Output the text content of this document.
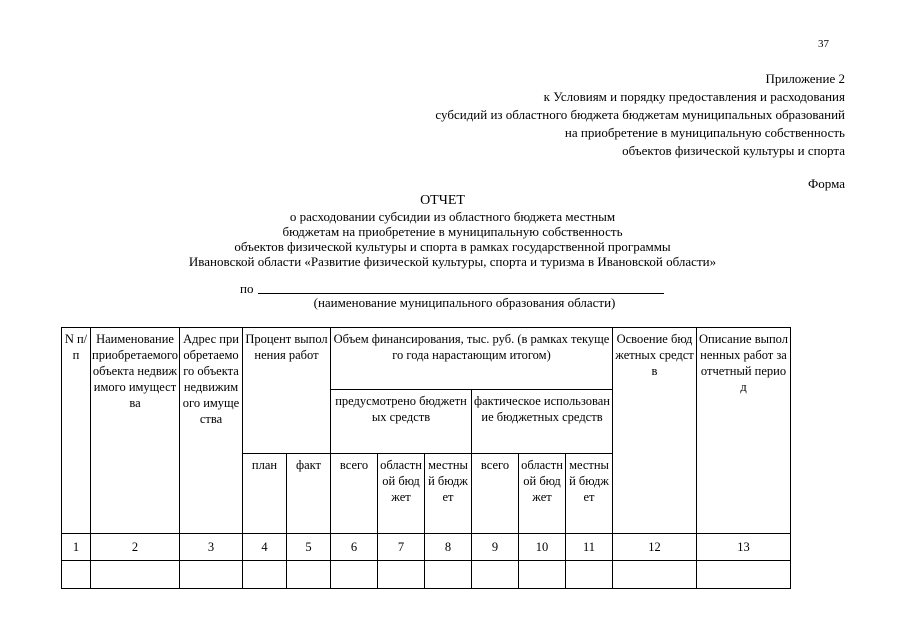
37
Приложение 2
к Условиям и порядку предоставления и расходования
субсидий из областного бюджета бюджетам муниципальных образований
на приобретение в муниципальную собственность
объектов физической культуры и спорта
Форма
ОТЧЕТ
о расходовании субсидии из областного бюджета местным
бюджетам на приобретение в муниципальную собственность
объектов физической культуры и спорта в рамках государственной программы
Ивановской области «Развитие физической культуры, спорта и туризма в Ивановской области»
по
(наименование муниципального образования области)
N п/п	Наименование приобретаемого объекта недвижимого имущества	Адрес приобретаемого объекта недвижимого имущества	Процент выполнения работ		Объем финансирования, тыс. руб. (в рамках текущего года нарастающим итогом)						Освоение бюджетных средств	Описание выполненных работ за отчетный период
					предусмотрено бюджетных средств			фактическое использование бюджетных средств				
			план	факт	всего	областной бюджет	местный бюджет	всего	областной бюджет	местный бюджет		
1	2	3	4	5	6	7	8	9	10	11	12	13
